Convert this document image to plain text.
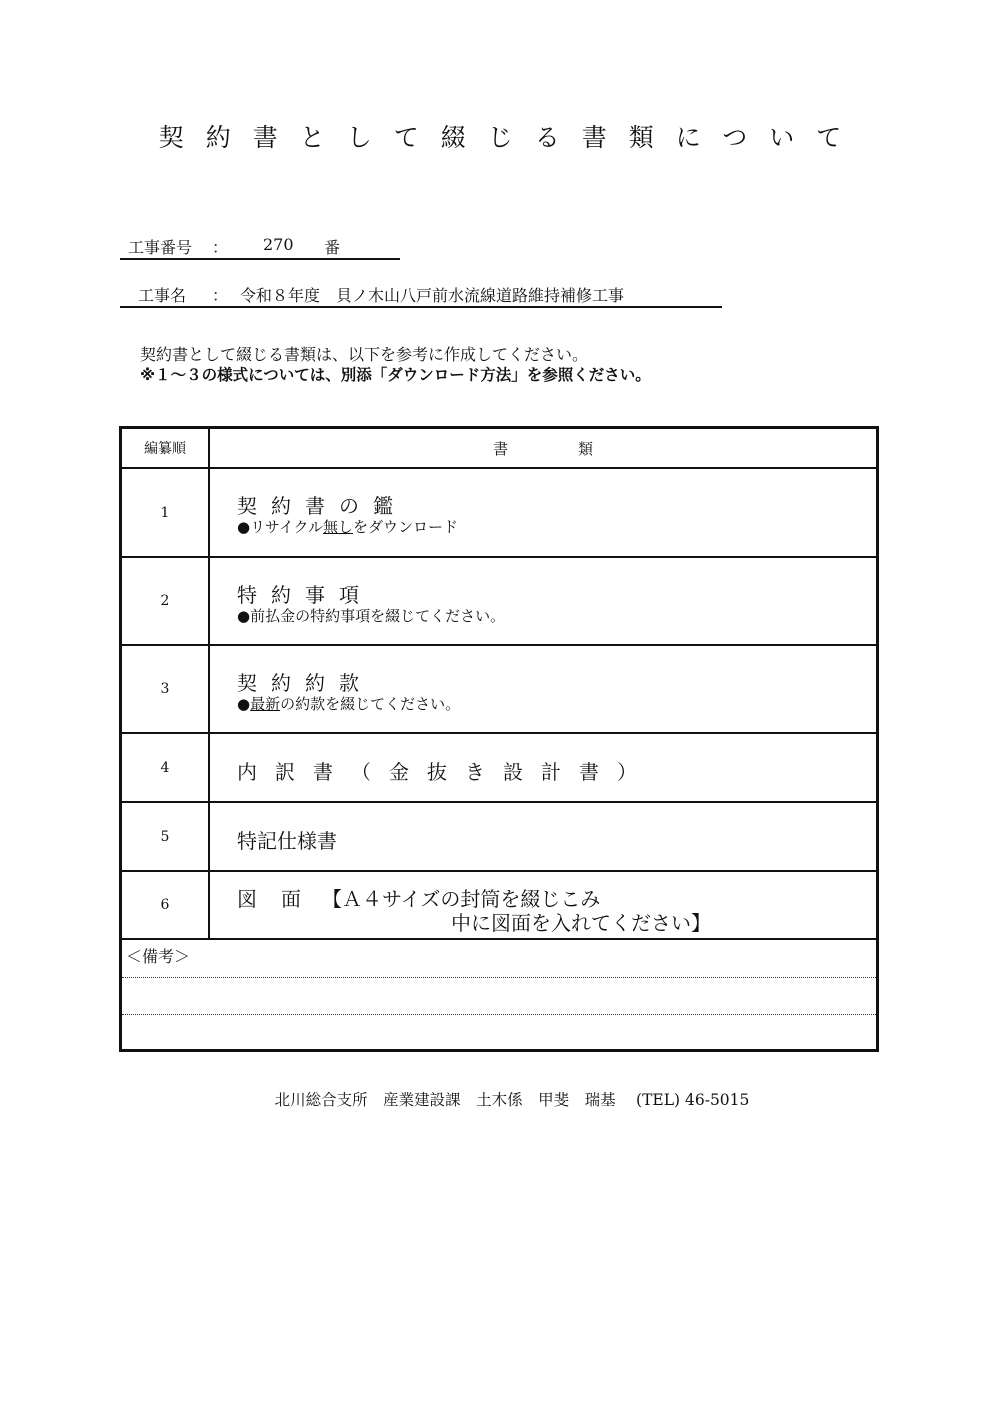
契約書として綴じる書類について
工事番号 ： 270 番
工事名 ： 令和８年度　貝ノ木山八戸前水流線道路維持補修工事
契約書として綴じる書類は、以下を参考に作成してください。
※１～３の様式については、別添「ダウンロード方法」を参照ください。
編纂順	書類
1	契約書の鑑
●リサイクル無しをダウンロード
2	特約事項
●前払金の特約事項を綴じてください。
3	契約約款
●最新の約款を綴じてください。
4	内訳書（金抜き設計書）
5	特記仕様書
6	図　面 【Ａ４サイズの封筒を綴じこみ
中に図面を入れてください】
＜備考＞
北川総合支所　産業建設課　土木係　甲斐　瑞基　 (TEL) 46-5015
